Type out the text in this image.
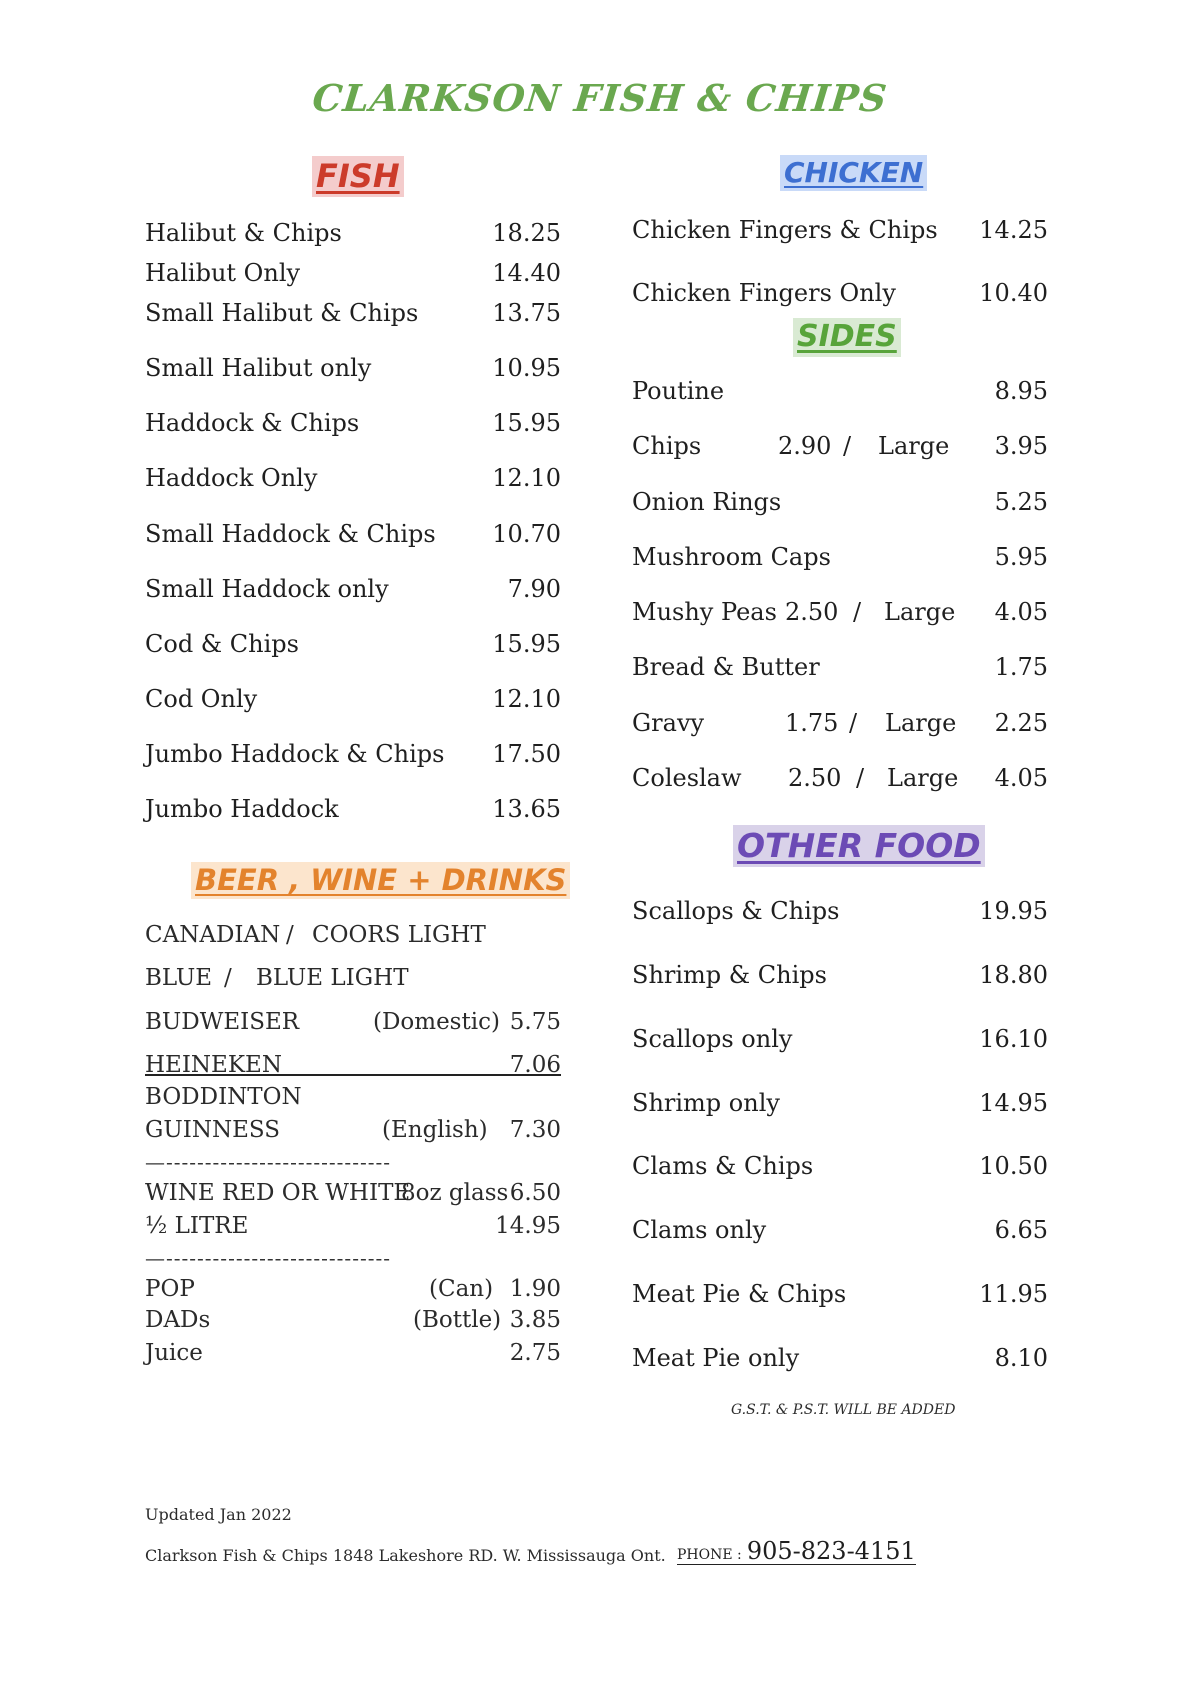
CLARKSON FISH & CHIPS
FISH
Halibut & Chips	18.25
Halibut Only	14.40
Small Halibut & Chips	13.75
Small Halibut only	10.95
Haddock & Chips	15.95
Haddock Only	12.10
Small Haddock & Chips 10.70
Small Haddock only	7.90
Cod & Chips	15.95
Cod Only	12.10
Jumbo Haddock & Chips 17.50
Jumbo Haddock	13.65
CHICKEN
Chicken Fingers & Chips 14.25
Chicken Fingers Only	10.40
SIDES
Poutine	8.95
Chips	2.90 / Large 3.95
Onion Rings	5.25
Mushroom Caps	5.95
Mushy Peas 2.50 / Large 4.05
Bread & Butter	1.75
Gravy	1.75 / Large 2.25
Coleslaw 2.50 / Large 4.05
OTHER FOOD
Scallops & Chips	19.95
Shrimp & Chips	18.80
Scallops only	16.10
Shrimp only	14.95
Clams & Chips	10.50
Clams only	6.65
Meat Pie & Chips	11.95
Meat Pie only	8.10
G.S.T. & P.S.T. WILL BE ADDED
BEER , WINE + DRINKS
CANADIAN / COORS LIGHT
BLUE / BLUE LIGHT
BUDWEISER	(Domestic) 5.75
HEINEKEN	7.06
BODDINTON
GUINNESS	(English) 7.30
—-----------------------------
WINE RED OR WHITE
8oz glass 6.50
½ LITRE	14.95
—-----------------------------
POP	(Can) 1.90
DADs	(Bottle) 3.85
Juice	2.75
Updated Jan 2022
Clarkson Fish & Chips 1848 Lakeshore RD. W. Mississauga Ont. PHONE : 905-823-4151
